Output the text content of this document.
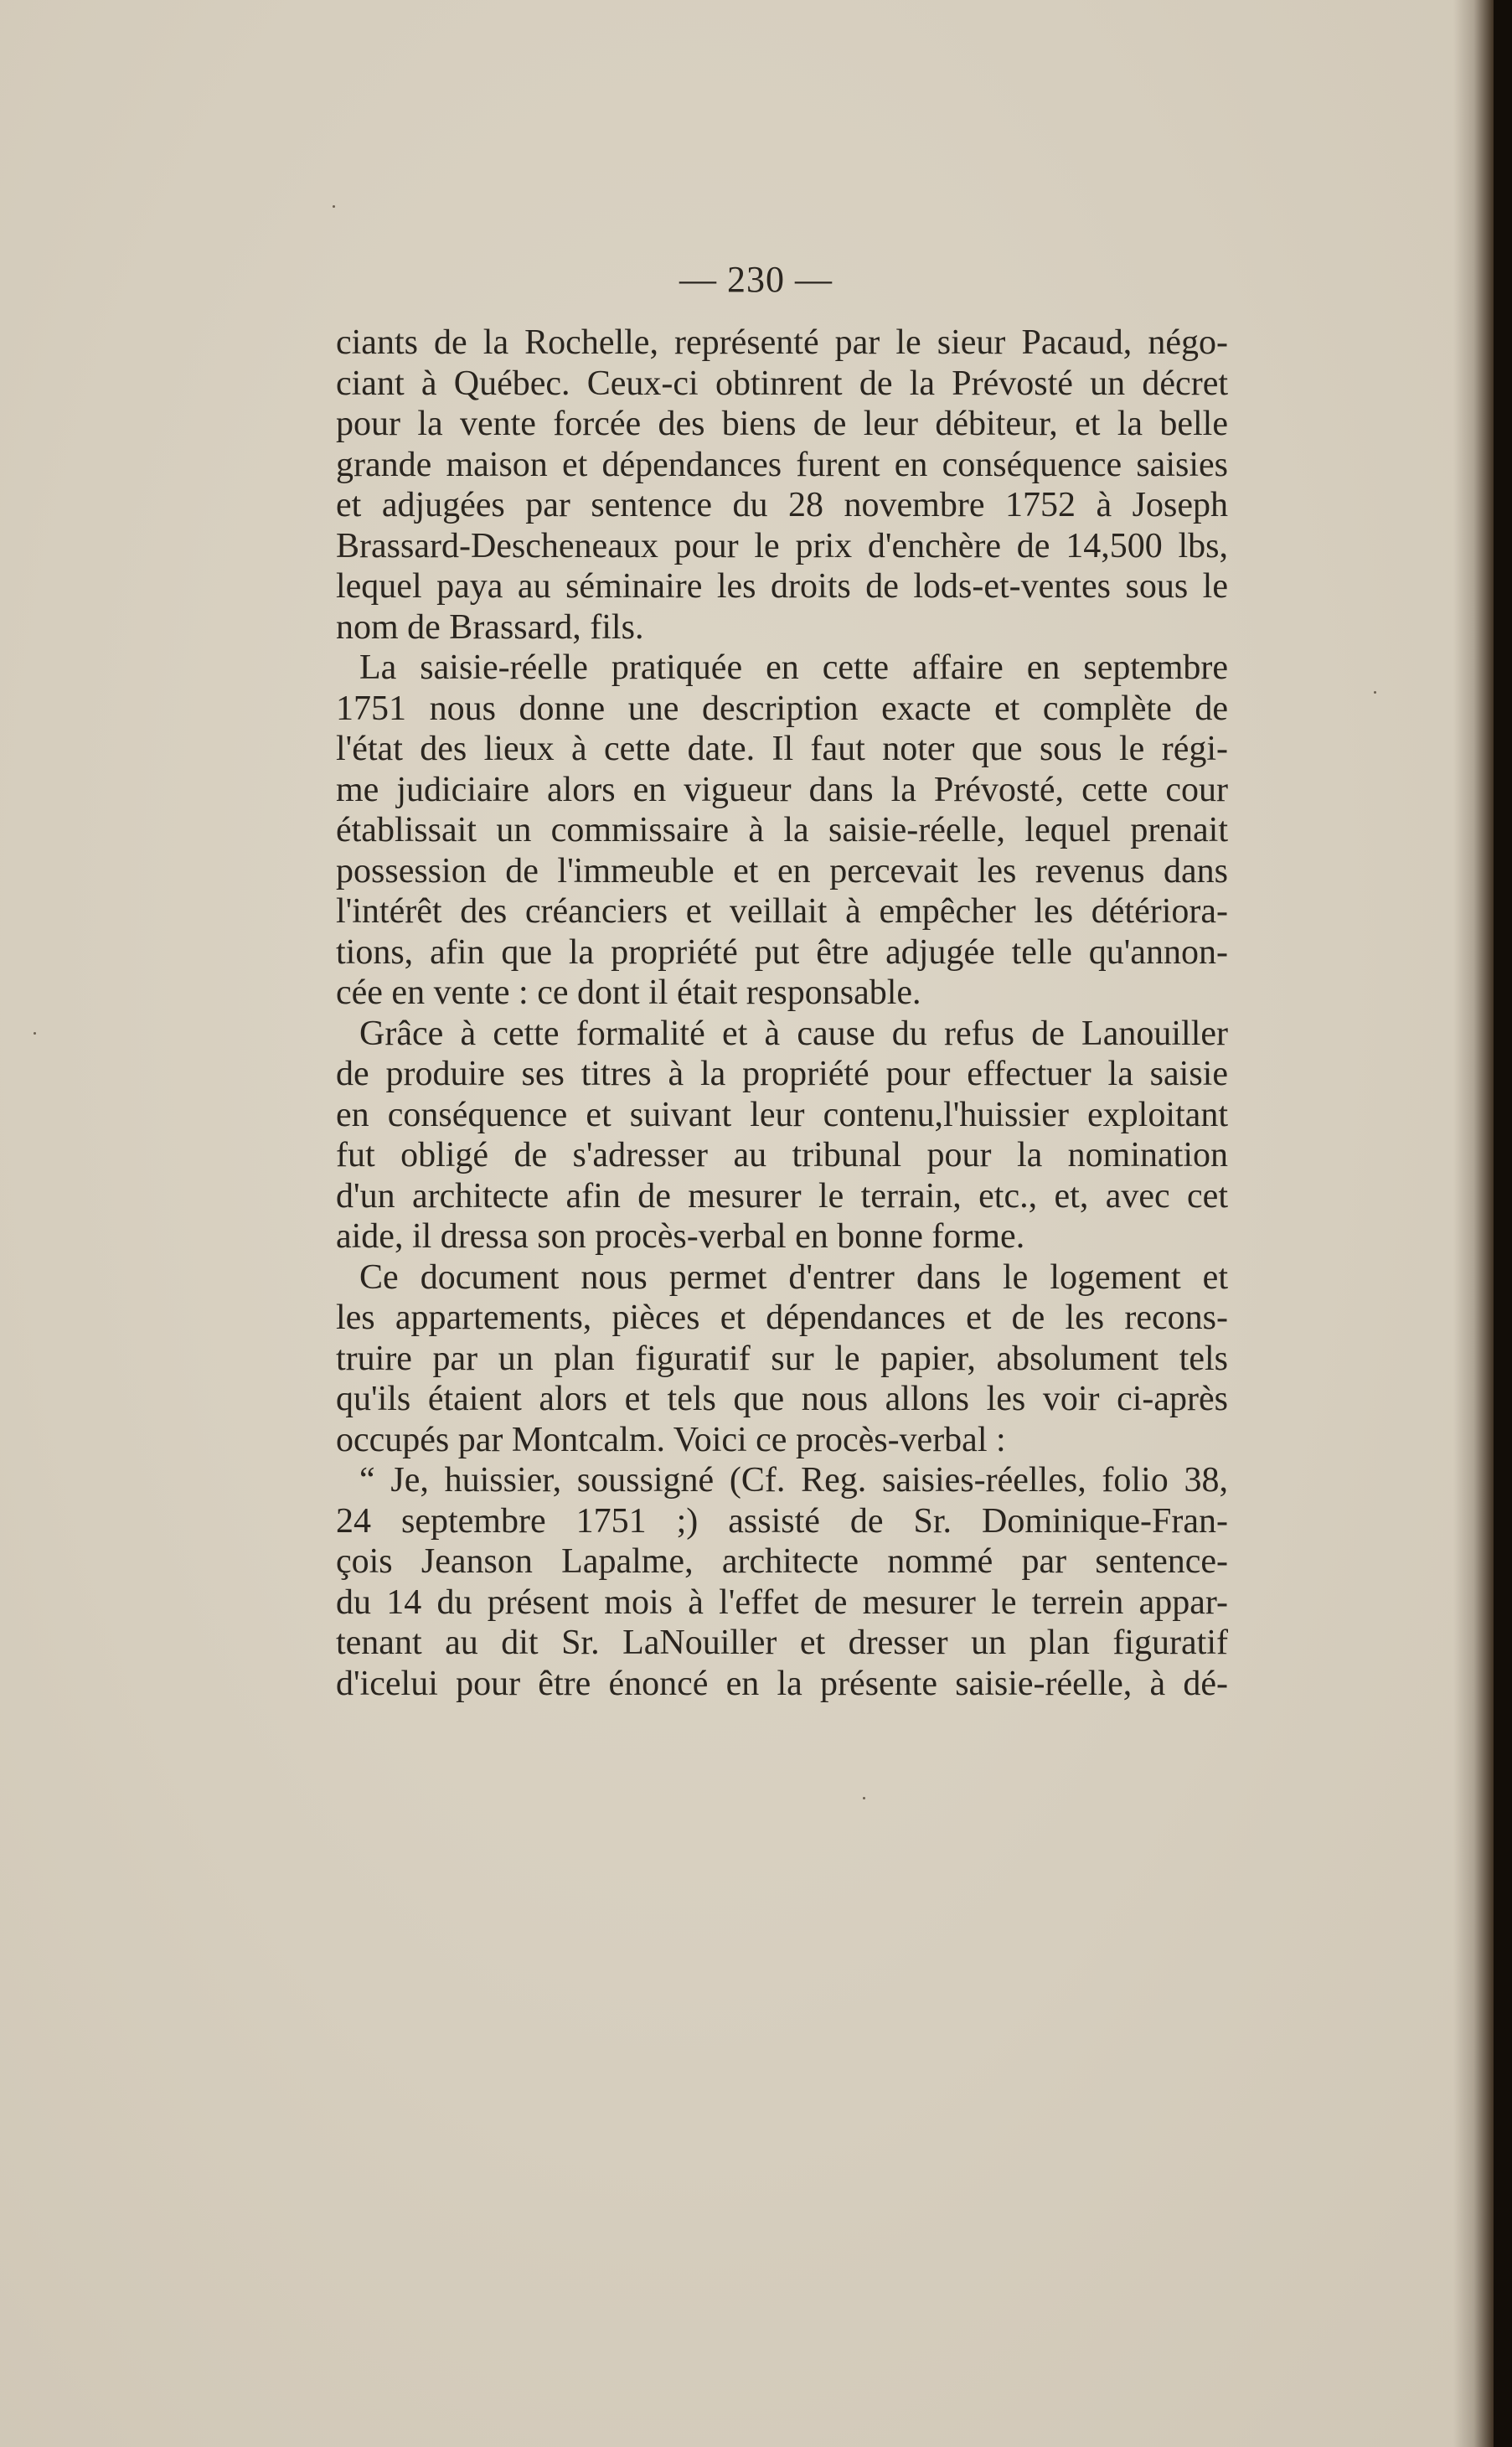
— 230 —
ciants de la Rochelle, représenté par le sieur Pacaud, négo-
ciant à Québec. Ceux-ci obtinrent de la Prévosté un décret
pour la vente forcée des biens de leur débiteur, et la belle
grande maison et dépendances furent en conséquence saisies
et adjugées par sentence du 28 novembre 1752 à Joseph
Brassard-Descheneaux pour le prix d'enchère de 14,500 lbs,
lequel paya au séminaire les droits de lods-et-ventes sous le
nom de Brassard, fils.
La saisie-réelle pratiquée en cette affaire en septembre
1751 nous donne une description exacte et complète de
l'état des lieux à cette date. Il faut noter que sous le régi-
me judiciaire alors en vigueur dans la Prévosté, cette cour
établissait un commissaire à la saisie-réelle, lequel prenait
possession de l'immeuble et en percevait les revenus dans
l'intérêt des créanciers et veillait à empêcher les détériora-
tions, afin que la propriété put être adjugée telle qu'annon-
cée en vente : ce dont il était responsable.
Grâce à cette formalité et à cause du refus de Lanouiller
de produire ses titres à la propriété pour effectuer la saisie
en conséquence et suivant leur contenu,l'huissier exploitant
fut obligé de s'adresser au tribunal pour la nomination
d'un architecte afin de mesurer le terrain, etc., et, avec cet
aide, il dressa son procès-verbal en bonne forme.
Ce document nous permet d'entrer dans le logement et
les appartements, pièces et dépendances et de les recons-
truire par un plan figuratif sur le papier, absolument tels
qu'ils étaient alors et tels que nous allons les voir ci-après
occupés par Montcalm. Voici ce procès-verbal :
“ Je, huissier, soussigné (Cf. Reg. saisies-réelles, folio 38,
24 septembre 1751 ;) assisté de Sr. Dominique-Fran-
çois Jeanson Lapalme, architecte nommé par sentence-
du 14 du présent mois à l'effet de mesurer le terrein appar-
tenant au dit Sr. LaNouiller et dresser un plan figuratif
d'icelui pour être énoncé en la présente saisie-réelle, à dé-
